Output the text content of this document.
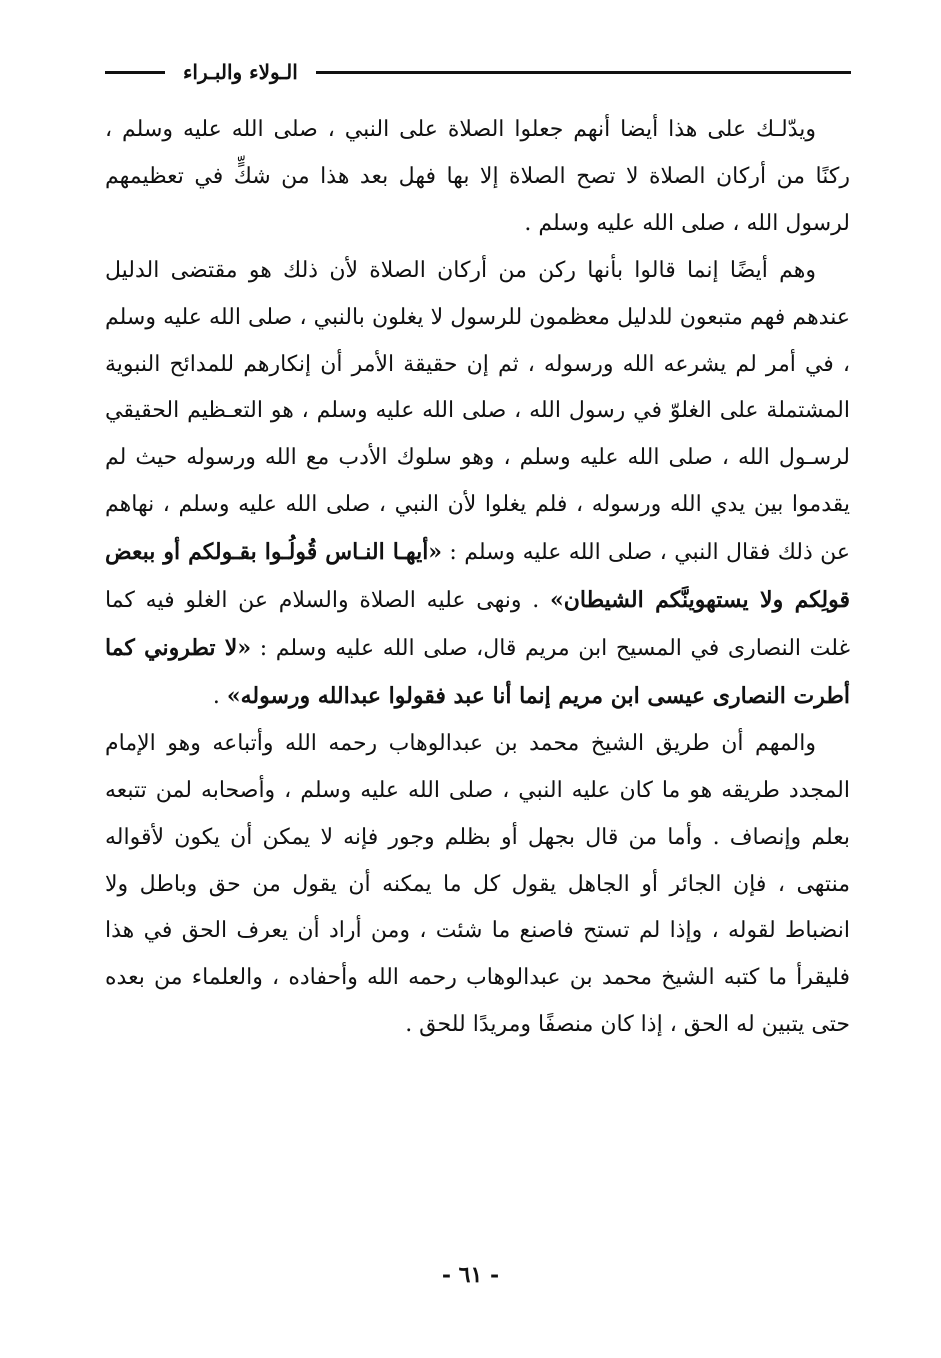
الـولاء والبـراء

ويدّلـك على هذا أيضا أنهم جعلوا الصلاة على النبي ، صلى الله عليه وسلم ، ركنًا من أركان الصلاة لا تصح الصلاة إلا بها فهل بعد هذا من شكٍّ في تعظيمهم لرسول الله ، صلى الله عليه وسلم .

وهم أيضًا إنما قالوا بأنها ركن من أركان الصلاة لأن ذلك هو مقتضى الدليل عندهم فهم متبعون للدليل معظمون للرسول لا يغلون بالنبي ، صلى الله عليه وسلم ، في أمر لم يشرعه الله ورسوله ، ثم إن حقيقة الأمر أن إنكارهم للمدائح النبوية المشتملة على الغلوّ في رسول الله ، صلى الله عليه وسلم ، هو التعـظيم الحقيقي لرسـول الله ، صلى الله عليه وسلم ، وهو سلوك الأدب مع الله ورسوله حيث لم يقدموا بين يدي الله ورسوله ، فلم يغلوا لأن النبي ، صلى الله عليه وسلم ، نهاهم عن ذلك فقال النبي ، صلى الله عليه وسلم : «أيهـا النـاس قُولُـوا بقـولكم أو ببعض قولِكم ولا يستهوينَّكم الشيطان» . ونهى عليه الصلاة والسلام عن الغلو فيه كما غلت النصارى في المسيح ابن مريم قال، صلى الله عليه وسلم : «لا تطروني كما أطرت النصارى عيسى ابن مريم إنما أنا عبد فقولوا عبدالله ورسوله» .

والمهم أن طريق الشيخ محمد بن عبدالوهاب رحمه الله وأتباعه وهو الإمام المجدد طريقه هو ما كان عليه النبي ، صلى الله عليه وسلم ، وأصحابه لمن تتبعه بعلم وإنصاف . وأما من قال بجهل أو بظلم وجور فإنه لا يمكن أن يكون لأقواله منتهى ، فإن الجائر أو الجاهل يقول كل ما يمكنه أن يقول من حق وباطل ولا انضباط لقوله ، وإذا لم تستح فاصنع ما شئت ، ومن أراد أن يعرف الحق في هذا فليقرأ ما كتبه الشيخ محمد بن عبدالوهاب رحمه الله وأحفاده ، والعلماء من بعده حتى يتبين له الحق ، إذا كان منصفًا ومريدًا للحق .

- ٦١ -
